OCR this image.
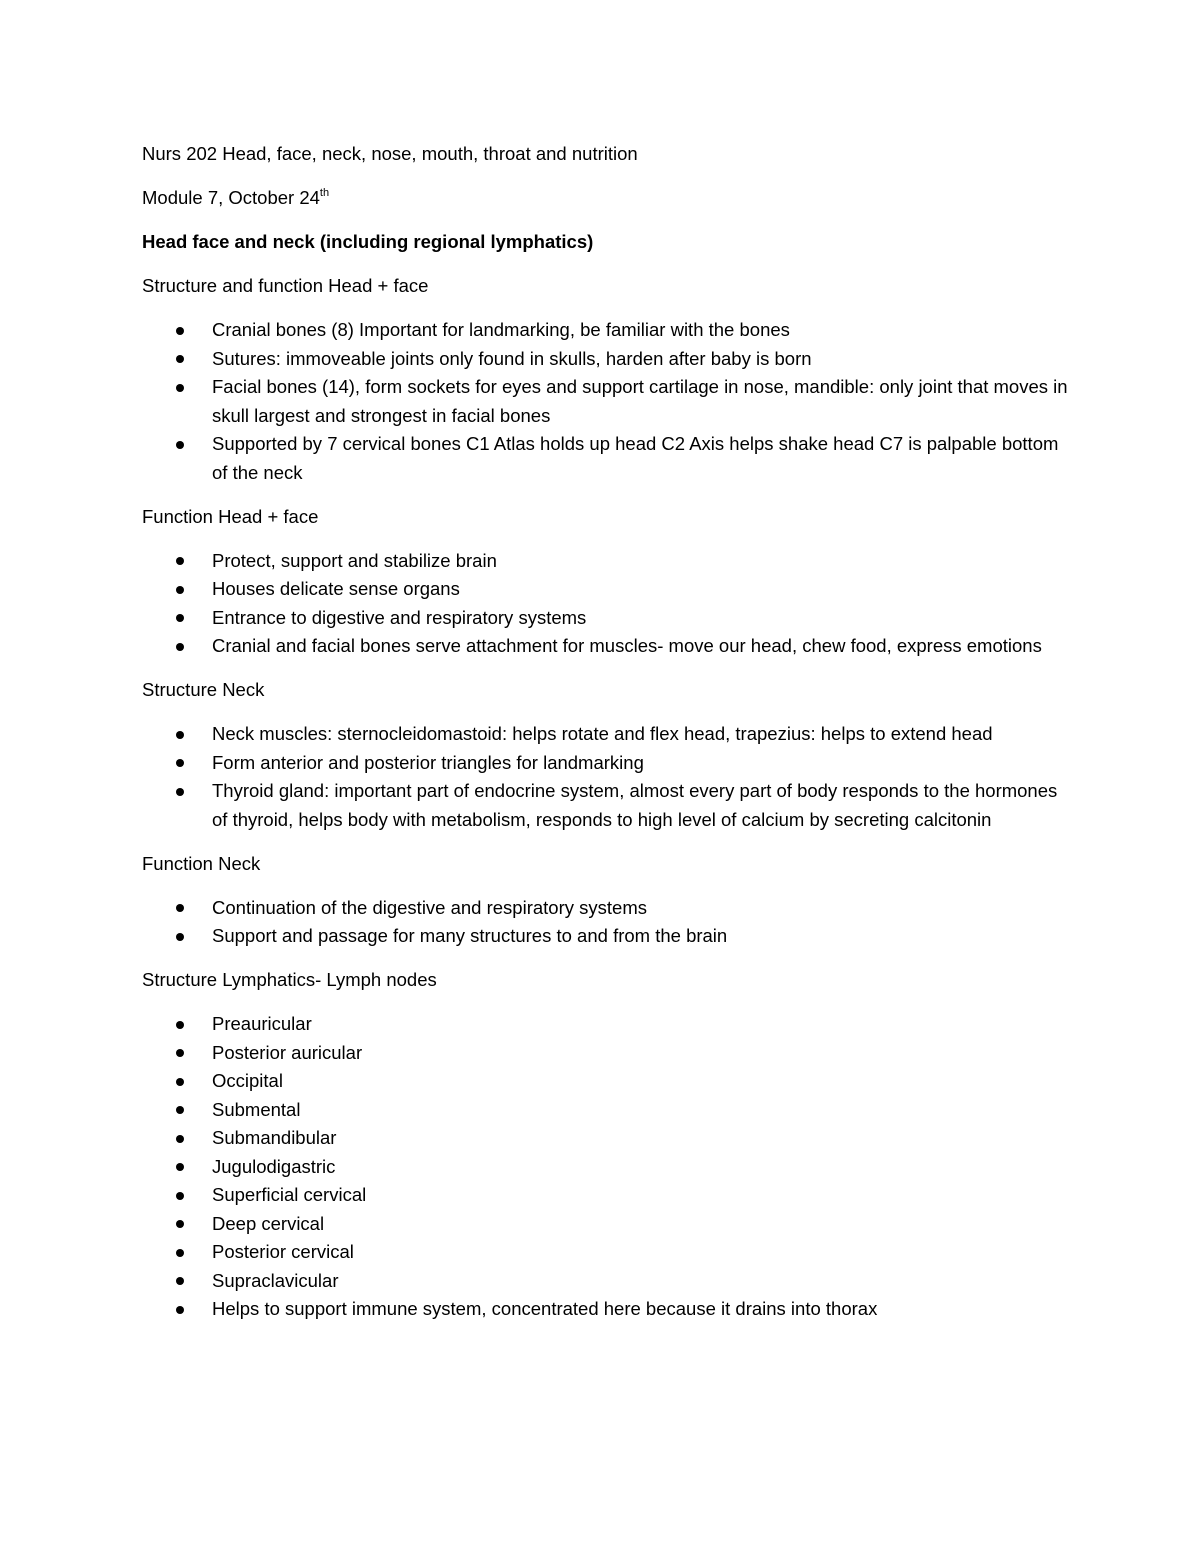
Nurs 202 Head, face, neck, nose, mouth, throat and nutrition

Module 7, October 24th

Head face and neck (including regional lymphatics)

Structure and function Head + face

Cranial bones (8) Important for landmarking, be familiar with the bones
Sutures: immoveable joints only found in skulls, harden after baby is born
Facial bones (14), form sockets for eyes and support cartilage in nose, mandible: only joint that moves in skull largest and strongest in facial bones
Supported by 7 cervical bones C1 Atlas holds up head C2 Axis helps shake head C7 is palpable bottom of the neck

Function Head + face

Protect, support and stabilize brain
Houses delicate sense organs
Entrance to digestive and respiratory systems
Cranial and facial bones serve attachment for muscles- move our head, chew food, express emotions

Structure Neck

Neck muscles: sternocleidomastoid: helps rotate and flex head, trapezius: helps to extend head
Form anterior and posterior triangles for landmarking
Thyroid gland: important part of endocrine system, almost every part of body responds to the hormones of thyroid, helps body with metabolism, responds to high level of calcium by secreting calcitonin

Function Neck

Continuation of the digestive and respiratory systems
Support and passage for many structures to and from the brain

Structure Lymphatics- Lymph nodes

Preauricular
Posterior auricular
Occipital
Submental
Submandibular
Jugulodigastric
Superficial cervical
Deep cervical
Posterior cervical
Supraclavicular
Helps to support immune system, concentrated here because it drains into thorax
